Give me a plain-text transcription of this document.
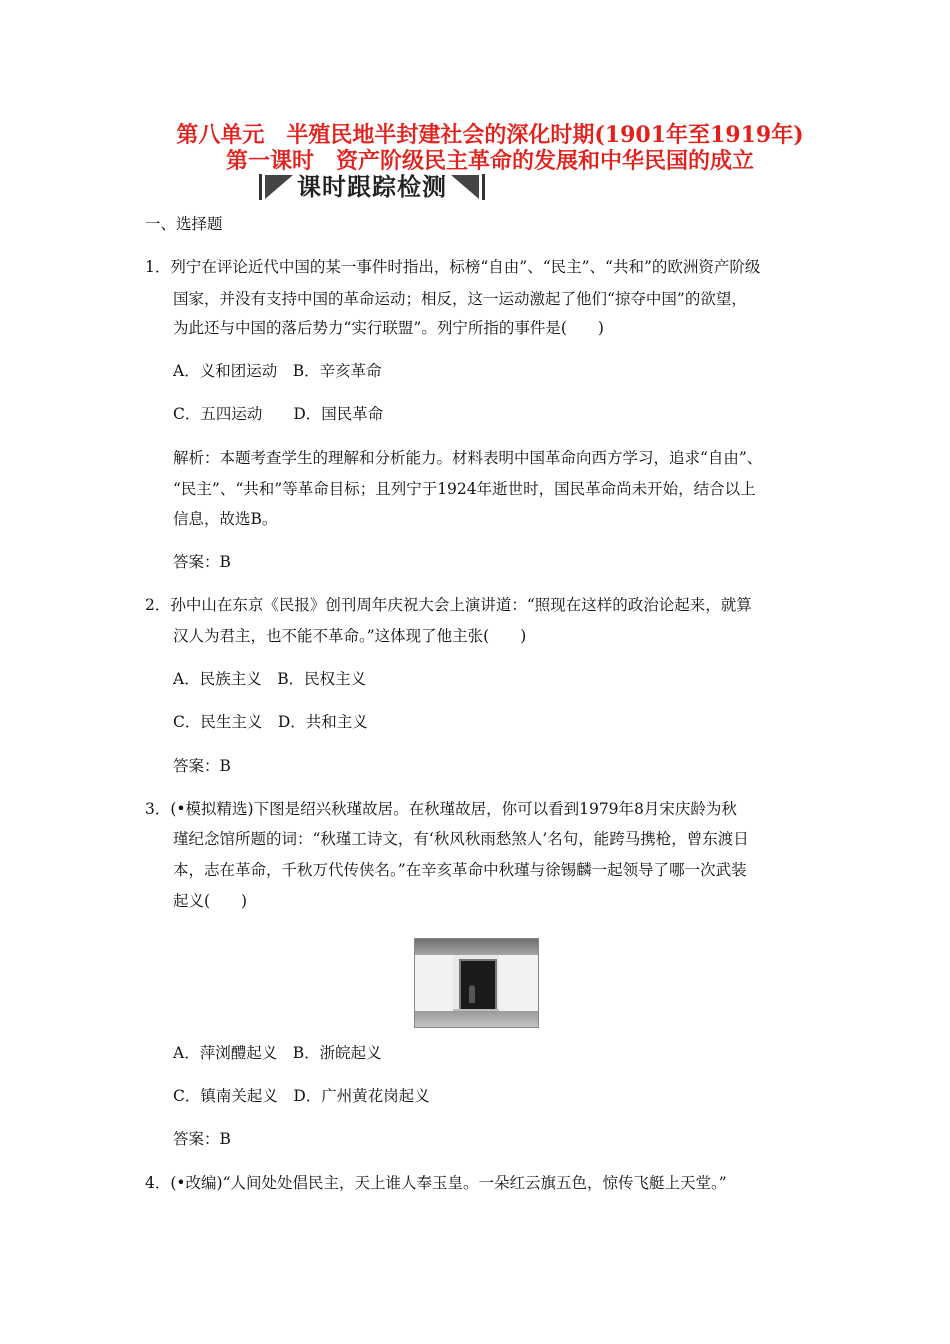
第八单元　半殖民地半封建社会的深化时期(1901年至1919年)
第一课时　资产阶级民主革命的发展和中华民国的成立
课时跟踪检测
一、选择题
1．列宁在评论近代中国的某一事件时指出，标榜“自由”、“民主”、“共和”的欧洲资产阶级
国家，并没有支持中国的革命运动；相反，这一运动激起了他们“掠夺中国”的欲望，
为此还与中国的落后势力“实行联盟”。列宁所指的事件是(　　)
A．义和团运动　B．辛亥革命
C．五四运动　　D．国民革命
解析：本题考查学生的理解和分析能力。材料表明中国革命向西方学习，追求“自由”、
“民主”、“共和”等革命目标；且列宁于1924年逝世时，国民革命尚未开始，结合以上
信息，故选B。
答案：B
2．孙中山在东京《民报》创刊周年庆祝大会上演讲道：“照现在这样的政治论起来，就算
汉人为君主，也不能不革命。”这体现了他主张(　　)
A．民族主义　B．民权主义
C．民生主义　D．共和主义
答案：B
3．(•模拟精选)下图是绍兴秋瑾故居。在秋瑾故居，你可以看到1979年8月宋庆龄为秋
瑾纪念馆所题的词：“秋瑾工诗文，有‘秋风秋雨愁煞人’名句，能跨马携枪，曾东渡日
本，志在革命，千秋万代传侠名。”在辛亥革命中秋瑾与徐锡麟一起领导了哪一次武装
起义(　　)
A．萍浏醴起义　B．浙皖起义
C．镇南关起义　D．广州黄花岗起义
答案：B
4．(•改编)“人间处处倡民主，天上谁人奉玉皇。一朵红云旗五色，惊传飞艇上天堂。”
